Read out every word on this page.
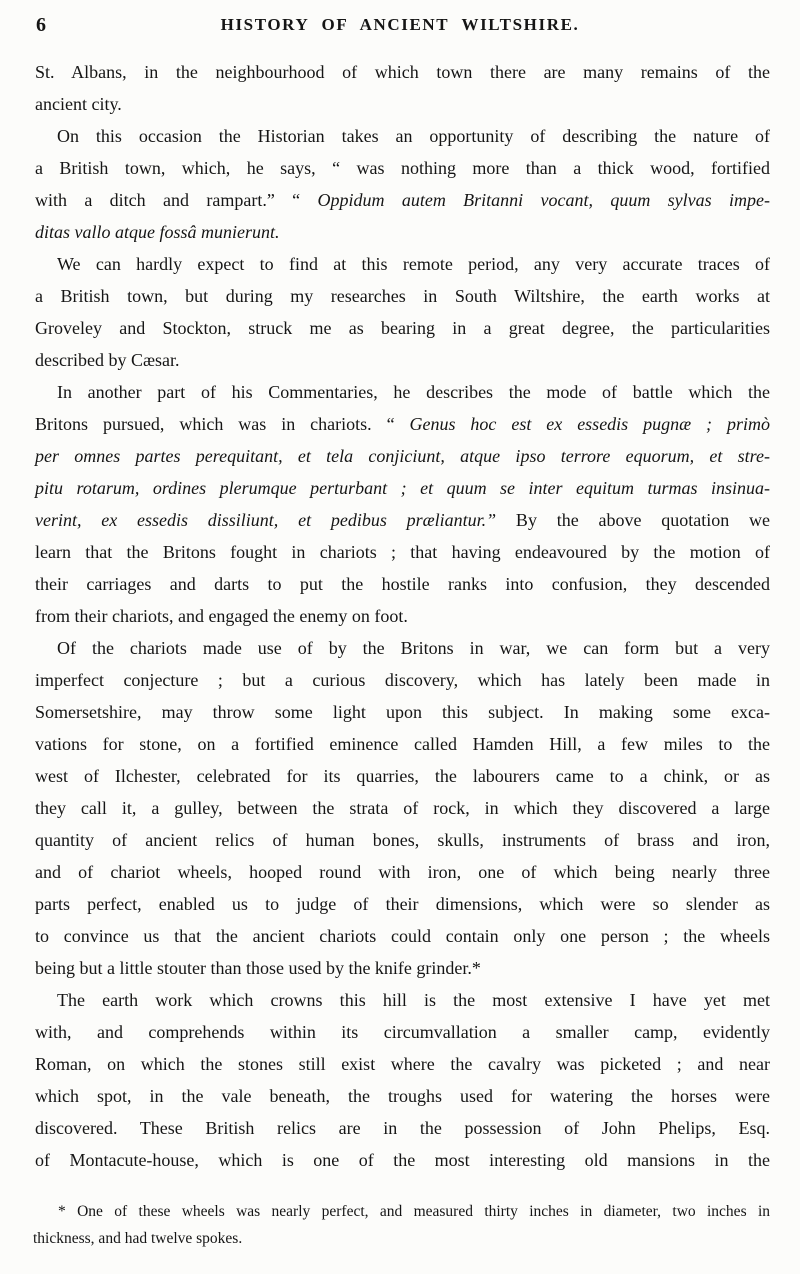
6	HISTORY OF ANCIENT WILTSHIRE.
St. Albans, in the neighbourhood of which town there are many remains of the
ancient city.
On this occasion the Historian takes an opportunity of describing the nature of
a British town, which, he says, “ was nothing more than a thick wood, fortified
with a ditch and rampart.” “ Oppidum autem Britanni vocant, quum sylvas impe-
ditas vallo atque fossâ munierunt.
We can hardly expect to find at this remote period, any very accurate traces of
a British town, but during my researches in South Wiltshire, the earth works at
Groveley and Stockton, struck me as bearing in a great degree, the particularities
described by Cæsar.
In another part of his Commentaries, he describes the mode of battle which the
Britons pursued, which was in chariots. “ Genus hoc est ex essedis pugnæ ; primò
per omnes partes perequitant, et tela conjiciunt, atque ipso terrore equorum, et stre-
pitu rotarum, ordines plerumque perturbant ; et quum se inter equitum turmas insinua-
verint, ex essedis dissiliunt, et pedibus præliantur.” By the above quotation we
learn that the Britons fought in chariots ; that having endeavoured by the motion of
their carriages and darts to put the hostile ranks into confusion, they descended
from their chariots, and engaged the enemy on foot.
Of the chariots made use of by the Britons in war, we can form but a very
imperfect conjecture ; but a curious discovery, which has lately been made in
Somersetshire, may throw some light upon this subject. In making some exca-
vations for stone, on a fortified eminence called Hamden Hill, a few miles to the
west of Ilchester, celebrated for its quarries, the labourers came to a chink, or as
they call it, a gulley, between the strata of rock, in which they discovered a large
quantity of ancient relics of human bones, skulls, instruments of brass and iron,
and of chariot wheels, hooped round with iron, one of which being nearly three
parts perfect, enabled us to judge of their dimensions, which were so slender as
to convince us that the ancient chariots could contain only one person ; the wheels
being but a little stouter than those used by the knife grinder.*
The earth work which crowns this hill is the most extensive I have yet met
with, and comprehends within its circumvallation a smaller camp, evidently
Roman, on which the stones still exist where the cavalry was picketed ; and near
which spot, in the vale beneath, the troughs used for watering the horses were
discovered. These British relics are in the possession of John Phelips, Esq.
of Montacute-house, which is one of the most interesting old mansions in the
* One of these wheels was nearly perfect, and measured thirty inches in diameter, two inches in
thickness, and had twelve spokes.
